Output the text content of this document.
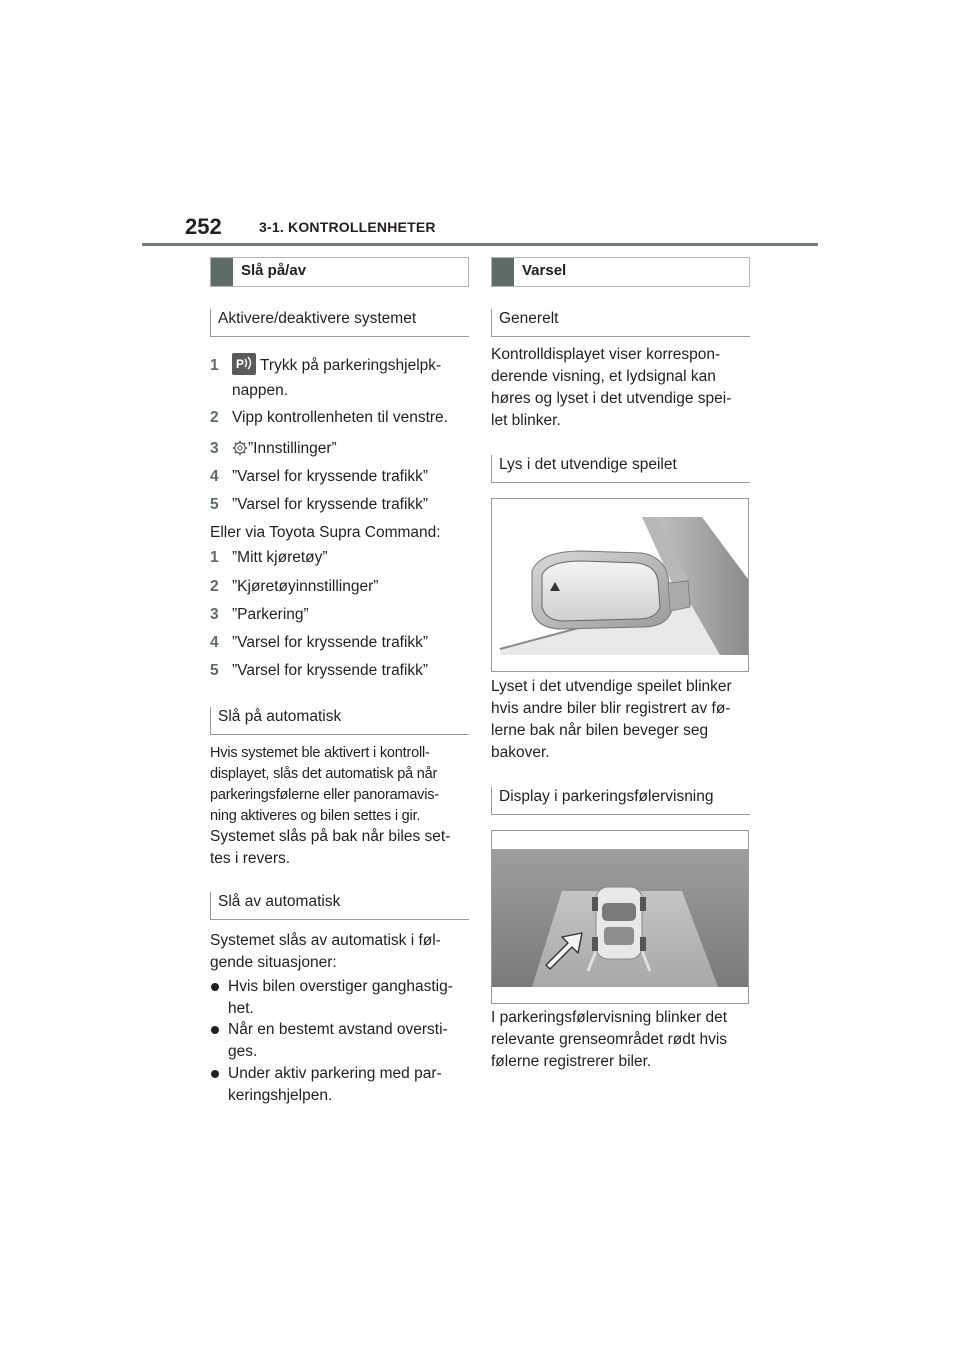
252	3-1. KONTROLLENHETER
Slå på/av
Aktivere/deaktivere systemet
1 P Trykk på parkeringshjelpk-
nappen.
2 Vipp kontrollenheten til venstre.
3 ”Innstillinger”
4 ”Varsel for kryssende trafikk”
5 ”Varsel for kryssende trafikk”
Eller via Toyota Supra Command:
1 ”Mitt kjøretøy”
2 ”Kjøretøyinnstillinger”
3 ”Parkering”
4 ”Varsel for kryssende trafikk”
5 ”Varsel for kryssende trafikk”
Slå på automatisk
Hvis systemet ble aktivert i kontroll-
displayet, slås det automatisk på når
parkeringsfølerne eller panoramavis-
ning aktiveres og bilen settes i gir.
Systemet slås på bak når biles set-
tes i revers.
Slå av automatisk
Systemet slås av automatisk i føl-
gende situasjoner:
Hvis bilen overstiger ganghastig-
het.
Når en bestemt avstand oversti-
ges.
Under aktiv parkering med par-
keringshjelpen.
Varsel
Generelt
Kontrolldisplayet viser korrespon-
derende visning, et lydsignal kan
høres og lyset i det utvendige spei-
let blinker.
Lys i det utvendige speilet
Lyset i det utvendige speilet blinker
hvis andre biler blir registrert av fø-
lerne bak når bilen beveger seg
bakover.
Display i parkeringsfølervisning
I parkeringsfølervisning blinker det
relevante grenseområdet rødt hvis
følerne registrerer biler.
